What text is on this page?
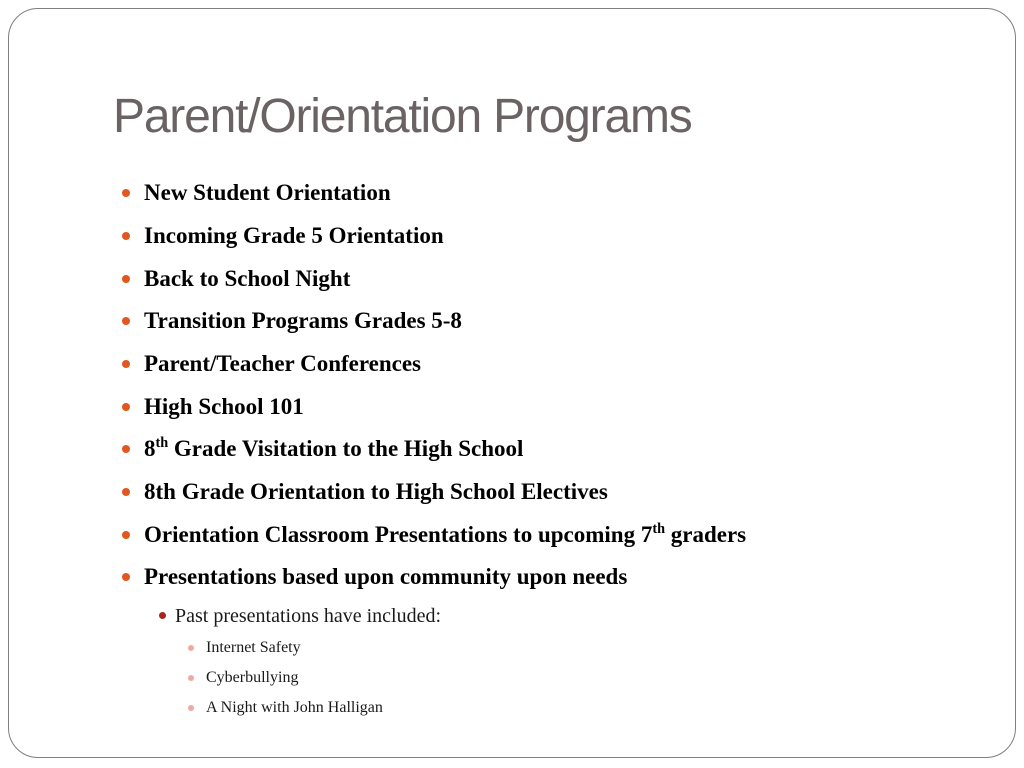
Parent/Orientation Programs
New Student Orientation
Incoming Grade 5 Orientation
Back to School Night
Transition Programs Grades 5-8
Parent/Teacher Conferences
High School 101
8th Grade Visitation to the High School
8th Grade Orientation to High School Electives
Orientation Classroom Presentations to upcoming 7th graders
Presentations based upon community upon needs
Past presentations have included:
Internet Safety
Cyberbullying
A Night with John Halligan
